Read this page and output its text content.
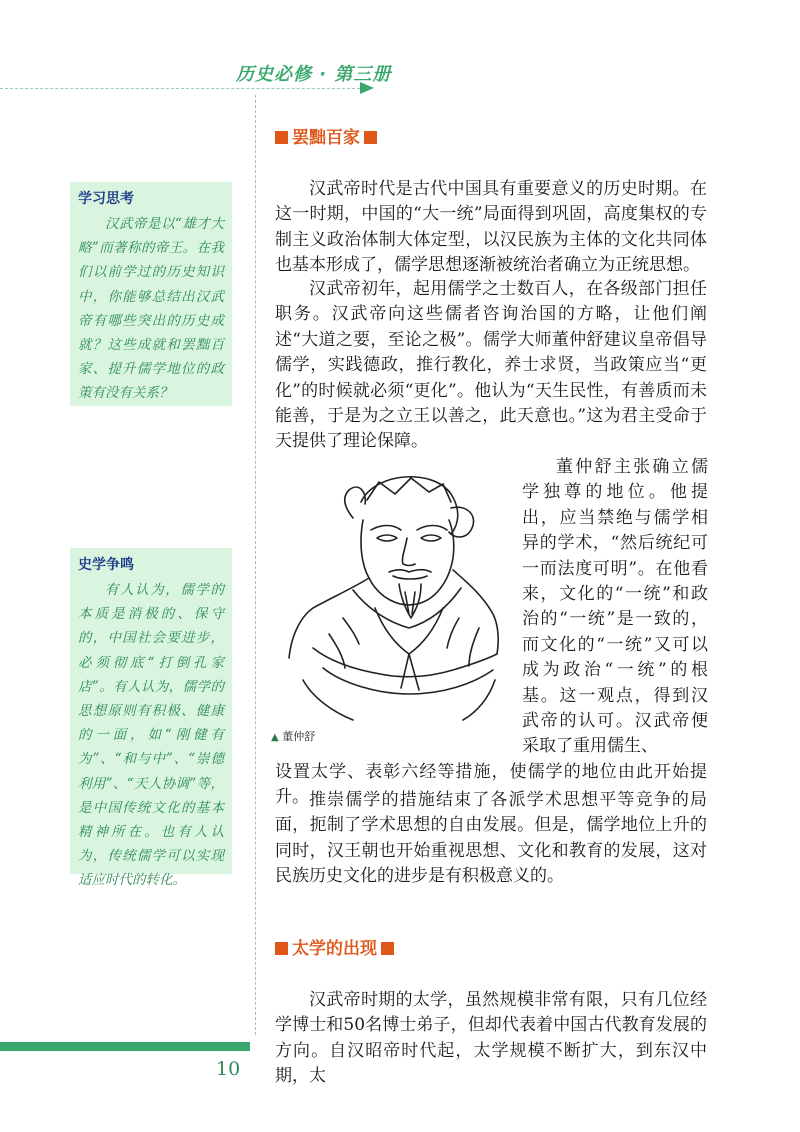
历史必修 · 第三册
学习思考
汉武帝是以“雄才大略”而著称的帝王。在我们以前学过的历史知识中，你能够总结出汉武帝有哪些突出的历史成就？这些成就和罢黜百家、提升儒学地位的政策有没有关系？
史学争鸣
有人认为，儒学的本质是消极的、保守的，中国社会要进步，必须彻底“打倒孔家店”。有人认为，儒学的思想原则有积极、健康的一面，如“刚健有为”、“和与中”、“崇德利用”、“天人协调”等，是中国传统文化的基本精神所在。也有人认为，传统儒学可以实现适应时代的转化。
罢黜百家

汉武帝时代是古代中国具有重要意义的历史时期。在这一时期，中国的“大一统”局面得到巩固，高度集权的专制主义政治体制大体定型，以汉民族为主体的文化共同体也基本形成了，儒学思想逐渐被统治者确立为正统思想。

汉武帝初年，起用儒学之士数百人，在各级部门担任职务。汉武帝向这些儒者咨询治国的方略，让他们阐述“大道之要，至论之极”。儒学大师董仲舒建议皇帝倡导儒学，实践德政，推行教化，养士求贤，当政策应当“更化”的时候就必须“更化”。他认为“天生民性，有善质而未能善，于是为之立王以善之，此天意也。”这为君主受命于天提供了理论保障。

▲ 董仲舒

董仲舒主张确立儒学独尊的地位。他提出，应当禁绝与儒学相异的学术，“然后统纪可一而法度可明”。在他看来，文化的“一统”和政治的“一统”是一致的，而文化的“一统”又可以成为政治“一统”的根基。这一观点，得到汉武帝的认可。汉武帝便采取了重用儒生、

设置太学、表彰六经等措施，使儒学的地位由此开始提升。 推崇儒学的措施结束了各派学术思想平等竞争的局面，扼制了学术思想的自由发展。但是，儒学地位上升的同时，汉王朝也开始重视思想、文化和教育的发展，这对民族历史文化的进步是有积极意义的。

太学的出现

汉武帝时期的太学，虽然规模非常有限，只有几位经学博士和50名博士弟子，但却代表着中国古代教育发展的方向。自汉昭帝时代起，太学规模不断扩大，到东汉中期，太

10
